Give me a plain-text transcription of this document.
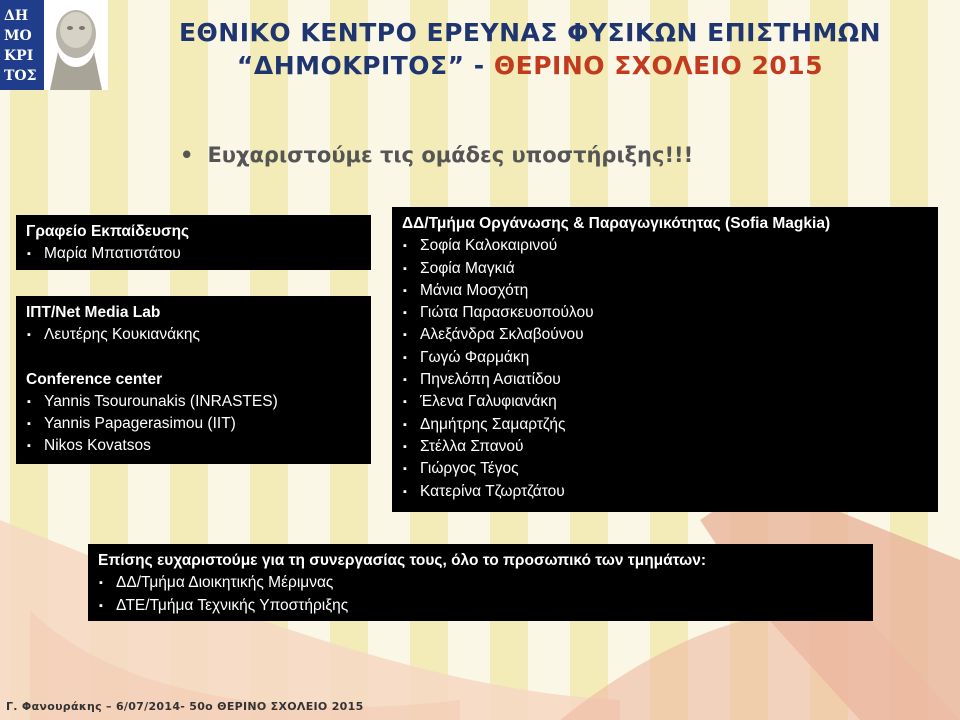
ΔΗ
ΜΟ
ΚΡΙ
ΤΟΣ
ΕΘΝΙΚΟ ΚΕΝΤΡΟ ΕΡΕΥΝΑΣ ΦΥΣΙΚΩΝ ΕΠΙΣΤΗΜΩΝ
“ΔΗΜΟΚΡΙΤΟΣ” - ΘΕΡΙΝΟ ΣΧΟΛΕΙΟ 2015
• Ευχαριστούμε τις ομάδες υποστήριξης!!!
Γραφείο Εκπαίδευσης
▪ Μαρία Μπατιστάτου
ΙΠΤ/Net Media Lab
▪ Λευτέρης Κουκιανάκης
Conference center
▪ Yannis Tsourounakis (INRASTES)
▪ Yannis Papagerasimou (IIT)
▪ Nikos Kovatsos
ΔΔ/Τμήμα Οργάνωσης & Παραγωγικότητας (Sofia Magkia)
▪ Σοφία Καλοκαιρινού
▪ Σοφία Μαγκιά
▪ Μάνια Μοσχότη
▪ Γιώτα Παρασκευοπούλου
▪ Αλεξάνδρα Σκλαβούνου
▪ Γωγώ Φαρμάκη
▪ Πηνελόπη Ασιατίδου
▪ Έλενα Γαλυφιανάκη
▪ Δημήτρης Σαμαρτζής
▪ Στέλλα Σπανού
▪ Γιώργος Τέγος
▪ Κατερίνα Τζωρτζάτου
Επίσης ευχαριστούμε για τη συνεργασίας τους, όλο το προσωπικό των τμημάτων:
▪ ΔΔ/Τμήμα Διοικητικής Μέριμνας
▪ ΔΤΕ/Τμήμα Τεχνικής Υποστήριξης
Γ. Φανουράκης – 6/07/2014- 50ο ΘΕΡΙΝΟ ΣΧΟΛΕΙΟ 2015
